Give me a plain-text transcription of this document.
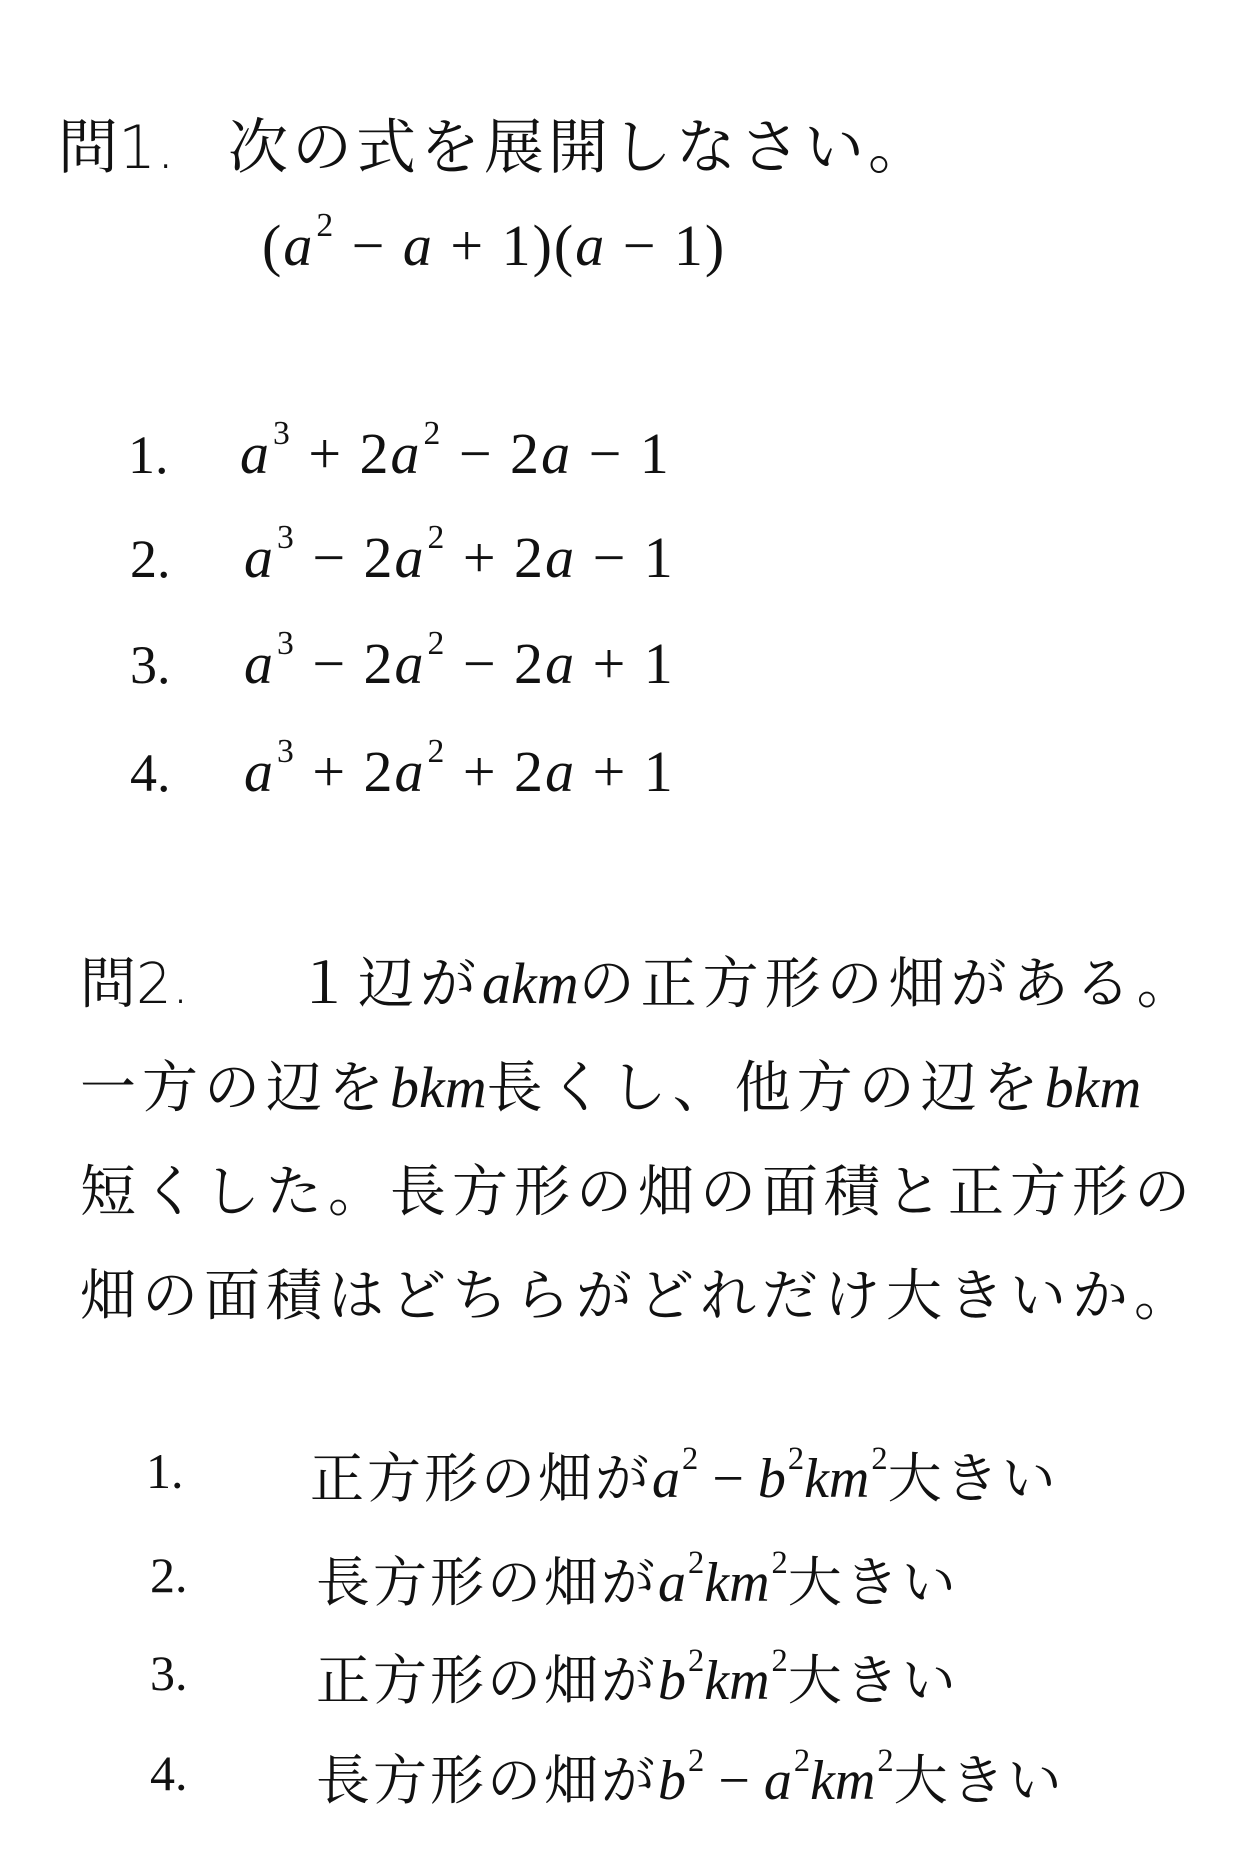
問1. 次の式を展開しなさい。
$(a^2 - a + 1)(a - 1)$
1. $a^3 + 2a^2 - 2a - 1$
2. $a^3 - 2a^2 + 2a - 1$
3. $a^3 - 2a^2 - 2a + 1$
4. $a^3 + 2a^2 + 2a + 1$
問2. １辺がakmの正方形の畑がある。
一方の辺をbkm長くし、他方の辺をbkm
短くした。長方形の畑の面積と正方形の
畑の面積はどちらがどれだけ大きいか。
1. 正方形の畑が$a^2 - b^2km^2$大きい
2. 長方形の畑が$a^2km^2$大きい
3. 正方形の畑が$b^2km^2$大きい
4. 長方形の畑が$b^2 - a^2km^2$大きい
